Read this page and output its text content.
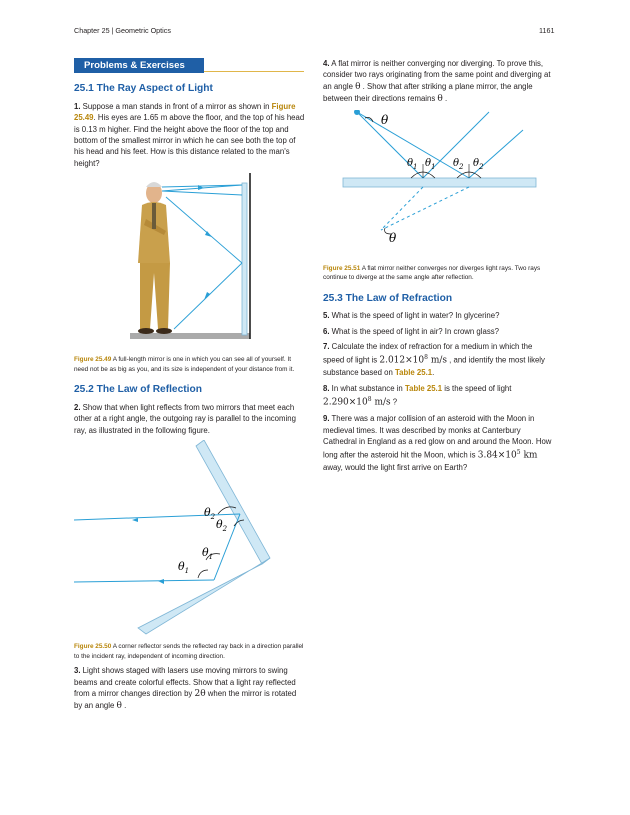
Chapter 25 | Geometric Optics	1161
Problems & Exercises
25.1 The Ray Aspect of Light
1. Suppose a man stands in front of a mirror as shown in Figure 25.49. His eyes are 1.65 m above the floor, and the top of his head is 0.13 m higher. Find the height above the floor of the top and bottom of the smallest mirror in which he can see both the top of his head and his feet. How is this distance related to the man's height?
Figure 25.49 A full-length mirror is one in which you can see all of yourself. It need not be as big as you, and its size is independent of your distance from it.
25.2 The Law of Reflection
2. Show that when light reflects from two mirrors that meet each other at a right angle, the outgoing ray is parallel to the incoming ray, as illustrated in the following figure.
$\theta_2$
$\theta_2$
$\theta_1$
$\theta_1$
Figure 25.50 A corner reflector sends the reflected ray back in a direction parallel to the incident ray, independent of incoming direction.
3. Light shows staged with lasers use moving mirrors to swing beams and create colorful effects. Show that a light ray reflected from a mirror changes direction by 2θ when the mirror is rotated by an angle θ .
4. A flat mirror is neither converging nor diverging. To prove this, consider two rays originating from the same point and diverging at an angle θ . Show that after striking a plane mirror, the angle between their directions remains θ .
θ
θ
$\theta_1$ $\theta_1$ $\theta_2$ $\theta_2$
Figure 25.51 A flat mirror neither converges nor diverges light rays. Two rays continue to diverge at the same angle after reflection.
25.3 The Law of Refraction
5. What is the speed of light in water? In glycerine?
6. What is the speed of light in air? In crown glass?
7. Calculate the index of refraction for a medium in which the speed of light is $2.012\times 10^8$ m/s , and identify the most likely substance based on Table 25.1.
8. In what substance in Table 25.1 is the speed of light $2.290\times 10^8$ m/s ?
9. There was a major collision of an asteroid with the Moon in medieval times. It was described by monks at Canterbury Cathedral in England as a red glow on and around the Moon. How long after the asteroid hit the Moon, which is $3.84\times 10^5$ km away, would the light first arrive on Earth?
